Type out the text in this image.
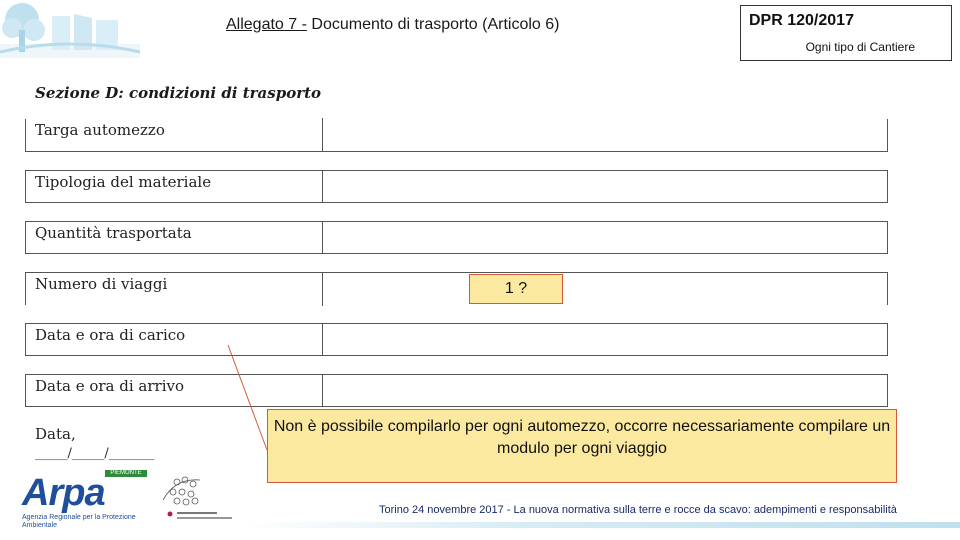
Allegato 7 - Documento di trasporto (Articolo 6)	DPR 120/2017
Ogni tipo di Cantiere
Sezione D: condizioni di trasporto
Targa automezzo
Tipologia del materiale
Quantità trasportata
Numero di viaggi
Data e ora di carico
Data e ora di arrivo
1 ?
Non è possibile compilarlo per ogni automezzo, occorre necessariamente compilare un modulo per ogni viaggio
Data,
_____/_____/_______
PIEMONTE
Arpa
Agenzia Regionale per la Protezione Ambientale
Torino 24 novembre 2017 - La nuova normativa sulla terre e rocce da scavo: adempimenti e responsabilità
